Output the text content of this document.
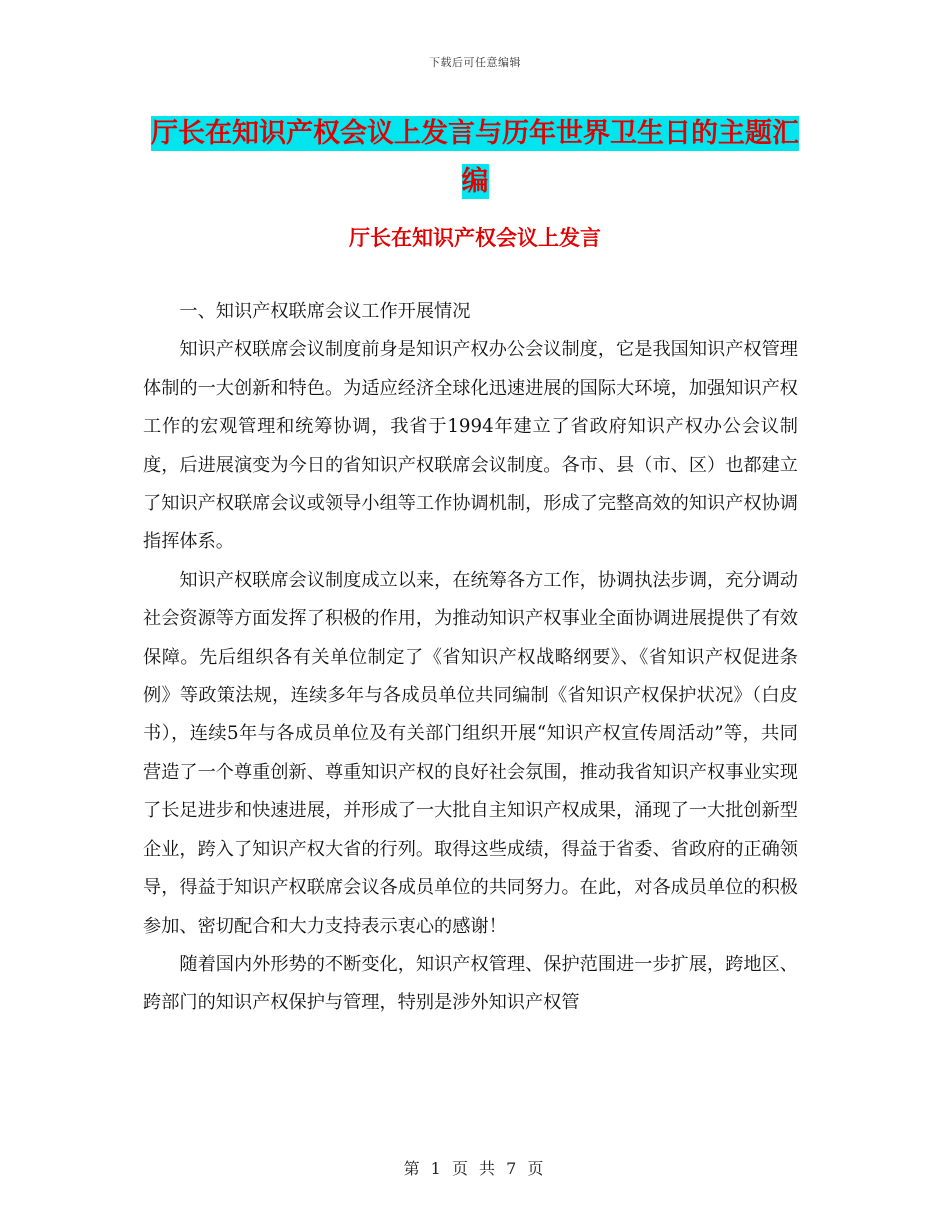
下载后可任意编辑
厅长在知识产权会议上发言与历年世界卫生日的主题汇编
厅长在知识产权会议上发言

一、知识产权联席会议工作开展情况

知识产权联席会议制度前身是知识产权办公会议制度，它是我国知识产权管理体制的一大创新和特色。为适应经济全球化迅速进展的国际大环境，加强知识产权工作的宏观管理和统筹协调，我省于1994年建立了省政府知识产权办公会议制度，后进展演变为今日的省知识产权联席会议制度。各市、县（市、区）也都建立了知识产权联席会议或领导小组等工作协调机制，形成了完整高效的知识产权协调指挥体系。

知识产权联席会议制度成立以来，在统筹各方工作，协调执法步调，充分调动社会资源等方面发挥了积极的作用，为推动知识产权事业全面协调进展提供了有效保障。先后组织各有关单位制定了《省知识产权战略纲要》、《省知识产权促进条例》等政策法规，连续多年与各成员单位共同编制《省知识产权保护状况》（白皮书），连续5年与各成员单位及有关部门组织开展“知识产权宣传周活动”等，共同营造了一个尊重创新、尊重知识产权的良好社会氛围，推动我省知识产权事业实现了长足进步和快速进展，并形成了一大批自主知识产权成果，涌现了一大批创新型企业，跨入了知识产权大省的行列。取得这些成绩，得益于省委、省政府的正确领导，得益于知识产权联席会议各成员单位的共同努力。在此，对各成员单位的积极参加、密切配合和大力支持表示衷心的感谢！

随着国内外形势的不断变化，知识产权管理、保护范围进一步扩展，跨地区、跨部门的知识产权保护与管理，特别是涉外知识产权管

第 1 页 共 7 页
